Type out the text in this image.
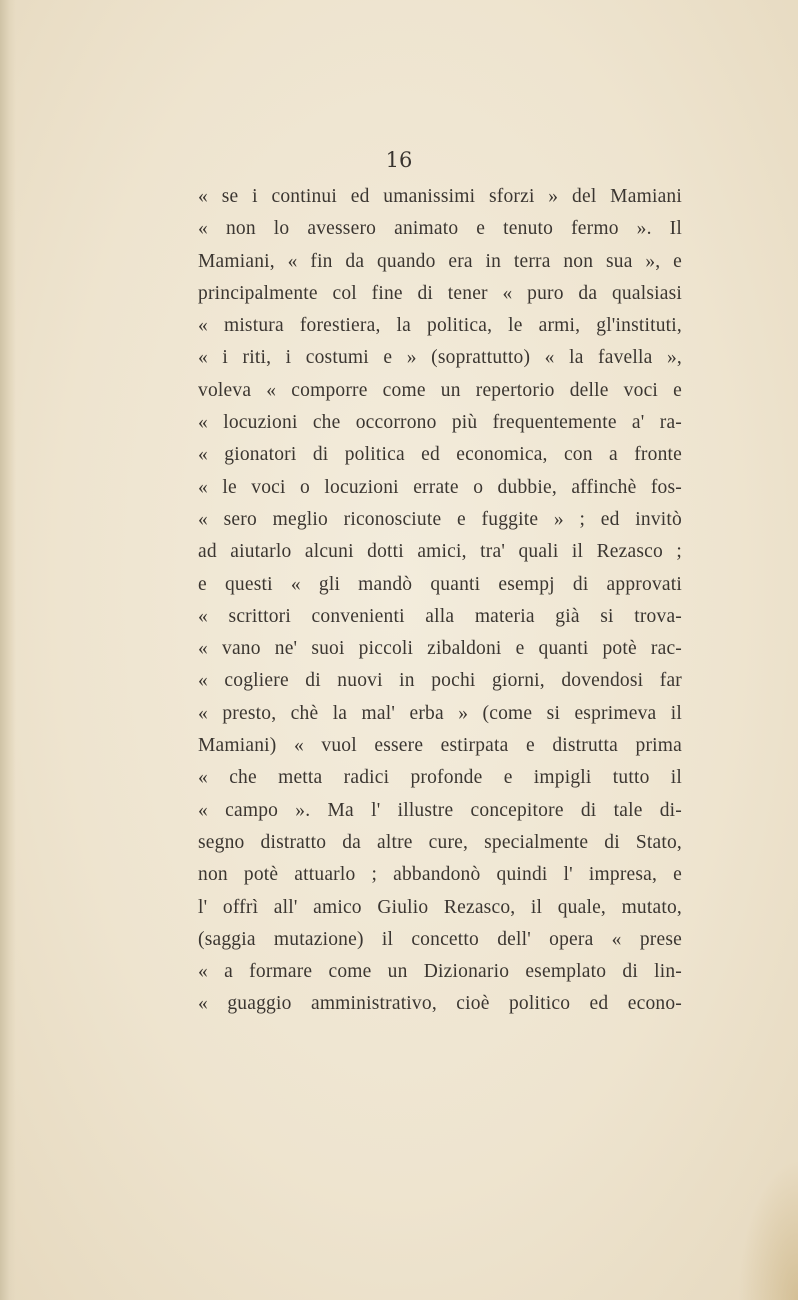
16

« se i continui ed umanissimi sforzi » del Mamiani
« non lo avessero animato e tenuto fermo ». Il
Mamiani, « fin da quando era in terra non sua », e
principalmente col fine di tener « puro da qualsiasi
« mistura forestiera, la politica, le armi, gl'instituti,
« i riti, i costumi e » (soprattutto) « la favella »,
voleva « comporre come un repertorio delle voci e
« locuzioni che occorrono più frequentemente a' ra-
« gionatori di politica ed economica, con a fronte
« le voci o locuzioni errate o dubbie, affinchè fos-
« sero meglio riconosciute e fuggite » ; ed invitò
ad aiutarlo alcuni dotti amici, tra' quali il Rezasco ;
e questi « gli mandò quanti esempj di approvati
« scrittori convenienti alla materia già si trova-
« vano ne' suoi piccoli zibaldoni e quanti potè rac-
« cogliere di nuovi in pochi giorni, dovendosi far
« presto, chè la mal' erba » (come si esprimeva il
Mamiani) « vuol essere estirpata e distrutta prima
« che metta radici profonde e impigli tutto il
« campo ». Ma l' illustre concepitore di tale di-
segno distratto da altre cure, specialmente di Stato,
non potè attuarlo ; abbandonò quindi l' impresa, e
l' offrì all' amico Giulio Rezasco, il quale, mutato,
(saggia mutazione) il concetto dell' opera « prese
« a formare come un Dizionario esemplato di lin-
« guaggio amministrativo, cioè politico ed econo-
